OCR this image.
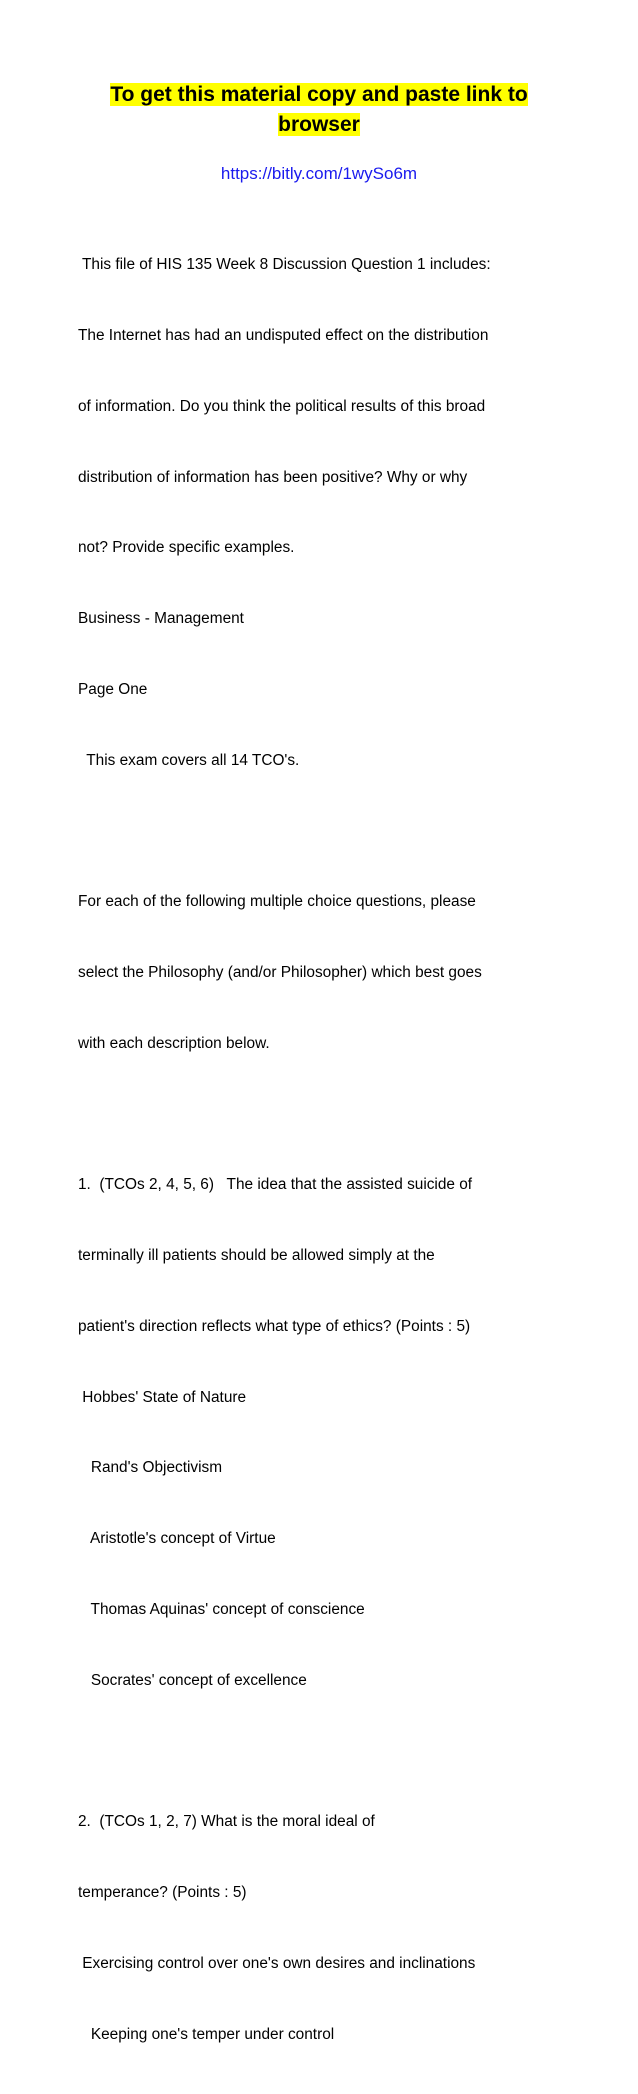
To get this material copy and paste link to
browser
https://bitly.com/1wySo6m

This file of HIS 135 Week 8 Discussion Question 1 includes:

The Internet has had an undisputed effect on the distribution

of information. Do you think the political results of this broad

distribution of information has been positive? Why or why

not? Provide specific examples.

Business - Management

Page One

This exam covers all 14 TCO's.

For each of the following multiple choice questions, please

select the Philosophy (and/or Philosopher) which best goes

with each description below.

1.  (TCOs 2, 4, 5, 6)   The idea that the assisted suicide of

terminally ill patients should be allowed simply at the

patient's direction reflects what type of ethics? (Points : 5)

Hobbes' State of Nature

Rand's Objectivism

Aristotle's concept of Virtue

Thomas Aquinas' concept of conscience

Socrates' concept of excellence

2.  (TCOs 1, 2, 7) What is the moral ideal of

temperance? (Points : 5)

Exercising control over one's own desires and inclinations

Keeping one's temper under control
